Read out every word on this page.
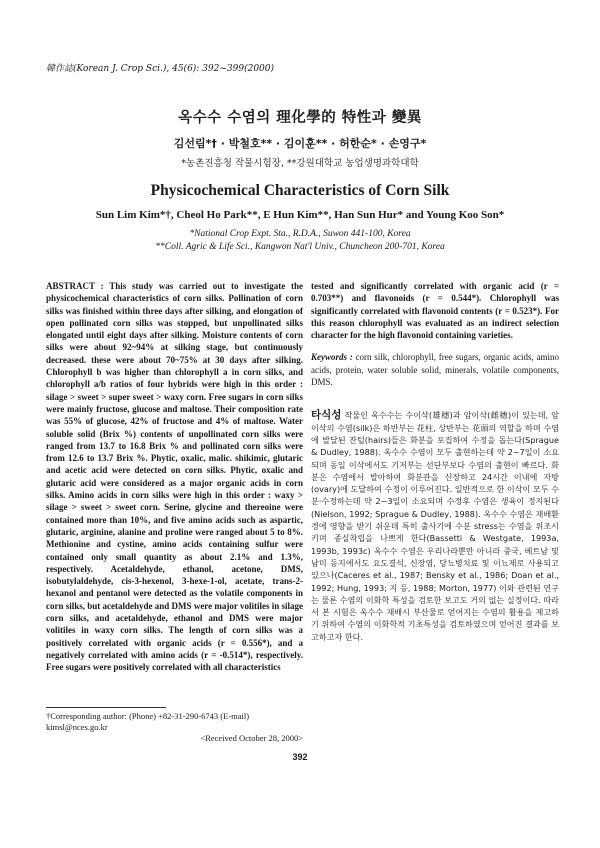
韓作誌(Korean J. Crop Sci.), 45(6): 392~399(2000)
옥수수 수염의 理化學的 特性과 變異
김선림*† · 박철호** · 김이훈** · 허한순* · 손영구*
*농촌진흥청 작물시험장, **강원대학교 농업생명과학대학
Physicochemical Characteristics of Corn Silk
Sun Lim Kim*†, Cheol Ho Park**, E Hun Kim**, Han Sun Hur* and Young Koo Son*
*National Crop Expt. Sta., R.D.A., Suwon 441-100, Korea
**Coll. Agric & Life Sci., Kangwon Nat'l Univ., Chuncheon 200-701, Korea

ABSTRACT : This study was carried out to investigate the physicochemical characteristics of corn silks. Pollination of corn silks was finished within three days after silking, and elongation of open pollinated corn silks was stopped, but unpollinated silks elongated until eight days after silking. Moisture contents of corn silks were about 92~94% at silking stage, but continuously decreased. these were about 70~75% at 30 days after silking. Chlorophyll b was higher than chlorophyll a in corn silks, and chlorophyll a/b ratios of four hybrids were high in this order : silage > sweet > super sweet > waxy corn. Free sugars in corn silks were mainly fructose, glucose and maltose. Their composition rate was 55% of glucose, 42% of fructose and 4% of maltose. Water soluble solid (Brix %) contents of unpollinated corn silks were ranged from 13.7 to 16.8 Brix % and pollinated corn silks were from 12.6 to 13.7 Brix %. Phytic, oxalic, malic. shikimic, glutaric and acetic acid were detected on corn silks. Phytic, oxalic and glutaric acid were considered as a major organic acids in corn silks. Amino acids in corn silks were high in this order : waxy > silage > sweet > sweet corn. Serine, glycine and thereoine were contained more than 10%, and five amino acids such as aspartic, glutaric, arginine, alanine and proline were ranged about 5 to 8%. Methionine and cystine, amino acids containing sulfur were contained only small quantity as about 2.1% and 1.3%, respectively. Acetaldehyde, ethanol, acetone, DMS, isobutylaldehyde, cis-3-hexenol, 3-hexe-1-ol, acetate, trans-2-hexanol and pentanol were detected as the volatile components in corn silks, but acetaldehyde and DMS were major volitiles in silage corn silks, and acetaldehyde, ethanol and DMS were major volitiles in waxy corn silks. The length of corn silks was a positively correlated with organic acids (r = 0.556*), and a negatively correlated with amino acids (r = -0.514*), respectively. Free sugars were positively correlated with all characteristics

tested and significantly correlated with organic acid (r = 0.703**) and flavonoids (r = 0.544*). Chlorophyll was significantly correlated with flavonoid contents (r = 0.523*). For this reason chlorophyll was evaluated as an indirect selection character for the high flavonoid containing varieties.

Keywords : corn silk, chlorophyll, free sugars, organic acids, amino acids, protein, water soluble solid, minerals, volatile components, DMS.

타식성 작물인 옥수수는 수이삭(雄穗)과 암이삭(雌穗)이 있는데, 암이삭의 수염(silk)은 하반부는 花柱, 상반부는 花頭의 역할을 하며 수염에 발달된 잔털(hairs)들은 화분을 포집하여 수정을 돕는다(Sprague & Dudley, 1988). 옥수수 수염이 모두 출현하는데 약 2~7일이 소요되며 동일 이삭에서도 기저부는 선단부보다 수염의 출현이 빠르다. 화분은 수염에서 발아하여 화분관을 신장하고 24시간 이내에 자방(ovary)에 도달하여 수정이 이루어진다. 일반적으로 한 이삭이 모두 수분·수정하는데 약 2~3일이 소요되며 수정후 수염은 생육이 정지된다(Nielson, 1992; Sprague & Dudley, 1988). 옥수수 수염은 재배환경에 영향을 받기 쉬운데 특히 출사기에 수분 stress는 수염을 위조시키며 종실착립을 나쁘게 한다(Bassetti & Westgate, 1993a, 1993b, 1993c) 옥수수 수염은 우리나라뿐만 아니라 중국, 베트남 및 남미 등지에서도 요도결석, 신장염, 당뇨병치료 및 이뇨제로 사용되고 있으나(Caceres et al., 1987; Bensky et al., 1986; Doan et al., 1992; Hung, 1993; 지 등, 1988; Morton, 1977) 이와 관련된 연구는 물론 수염의 이화학 특성을 검토한 보고도 거의 없는 실정이다. 따라서 본 시험은 옥수수 재배시 부산물로 얻어지는 수염의 활용을 제고하기 위하여 수염의 이화학적 기초특성을 검토하였으며 얻어진 결과를 보고하고자 한다.

†Corresponding author: (Phone) +82-31-290-6743 (E-mail) kimsl@nces.go.kr
<Received October 28, 2000>
392
